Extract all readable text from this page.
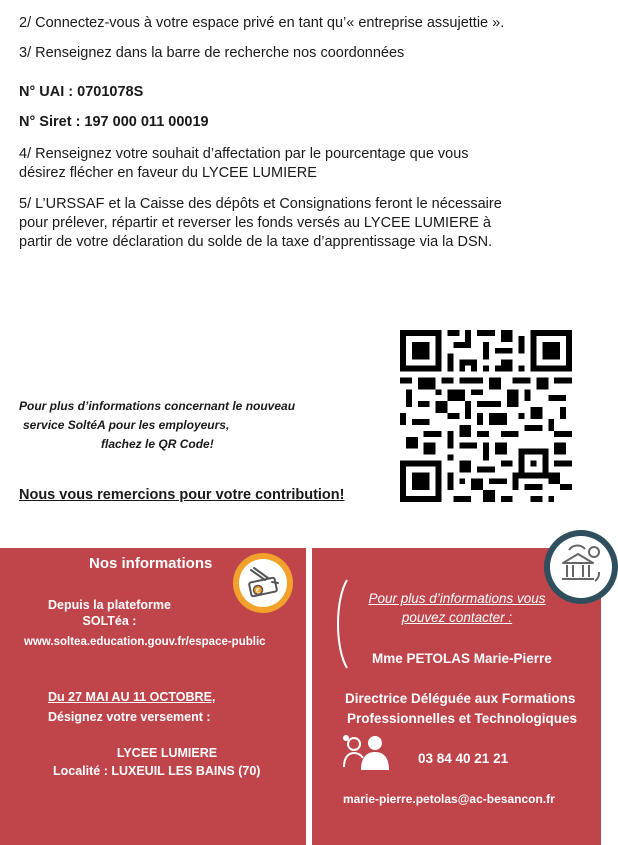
2/ Connectez-vous à votre espace privé en tant qu’« entreprise assujettie ».

3/ Renseignez dans la barre de recherche nos coordonnées

N° UAI : 0701078S

N° Siret : 197 000 011 00019

4/ Renseignez votre souhait d’affectation par le pourcentage que vous

désirez flécher en faveur du LYCEE LUMIERE

5/ L’URSSAF et la Caisse des dépôts et Consignations feront le nécessaire

pour prélever, répartir et reverser les fonds versés au LYCEE LUMIERE à

partir de votre déclaration du solde de la taxe d’apprentissage via la DSN.

Pour plus d’informations concernant le nouveau
service SoltéA pour les employeurs,
flachez le QR Code!
Nous vous remercions pour votre contribution!
Nos informations
Depuis la plateforme
SOLTéa :
www.soltea.education.gouv.fr/espace-public
Du 27 MAI AU 11 OCTOBRE,
Désignez votre versement :
LYCEE LUMIERE
Localité : LUXEUIL LES BAINS (70)
€	Pour plus d’informations vous
pouvez contacter :
Mme PETOLAS Marie-Pierre
Directrice Déléguée aux Formations
Professionnelles et Technologiques
03 84 40 21 21
marie-pierre.petolas@ac-besancon.fr
